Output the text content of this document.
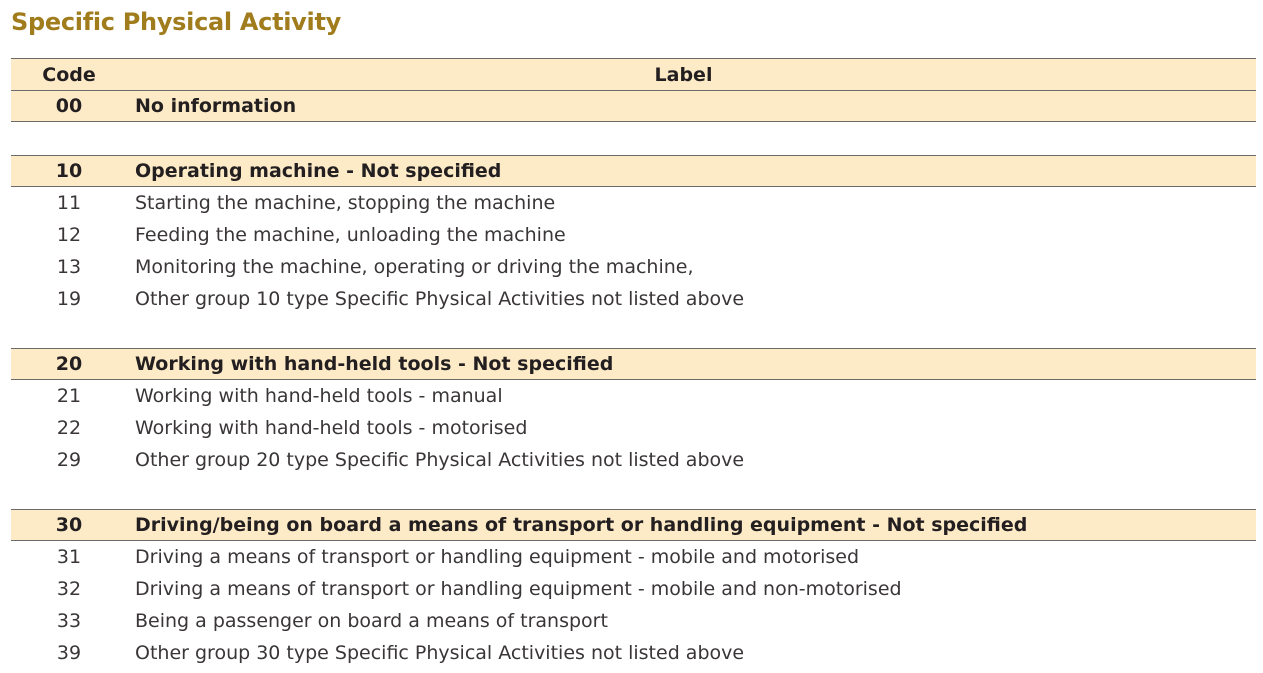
Specific Physical Activity
Code	Label
00	No information
10	Operating machine - Not specified
11	Starting the machine, stopping the machine
12	Feeding the machine, unloading the machine
13	Monitoring the machine, operating or driving the machine,
19	Other group 10 type Specific Physical Activities not listed above
20	Working with hand-held tools - Not specified
21	Working with hand-held tools - manual
22	Working with hand-held tools - motorised
29	Other group 20 type Specific Physical Activities not listed above
30	Driving/being on board a means of transport or handling equipment - Not specified
31	Driving a means of transport or handling equipment - mobile and motorised
32	Driving a means of transport or handling equipment - mobile and non-motorised
33	Being a passenger on board a means of transport
39	Other group 30 type Specific Physical Activities not listed above
